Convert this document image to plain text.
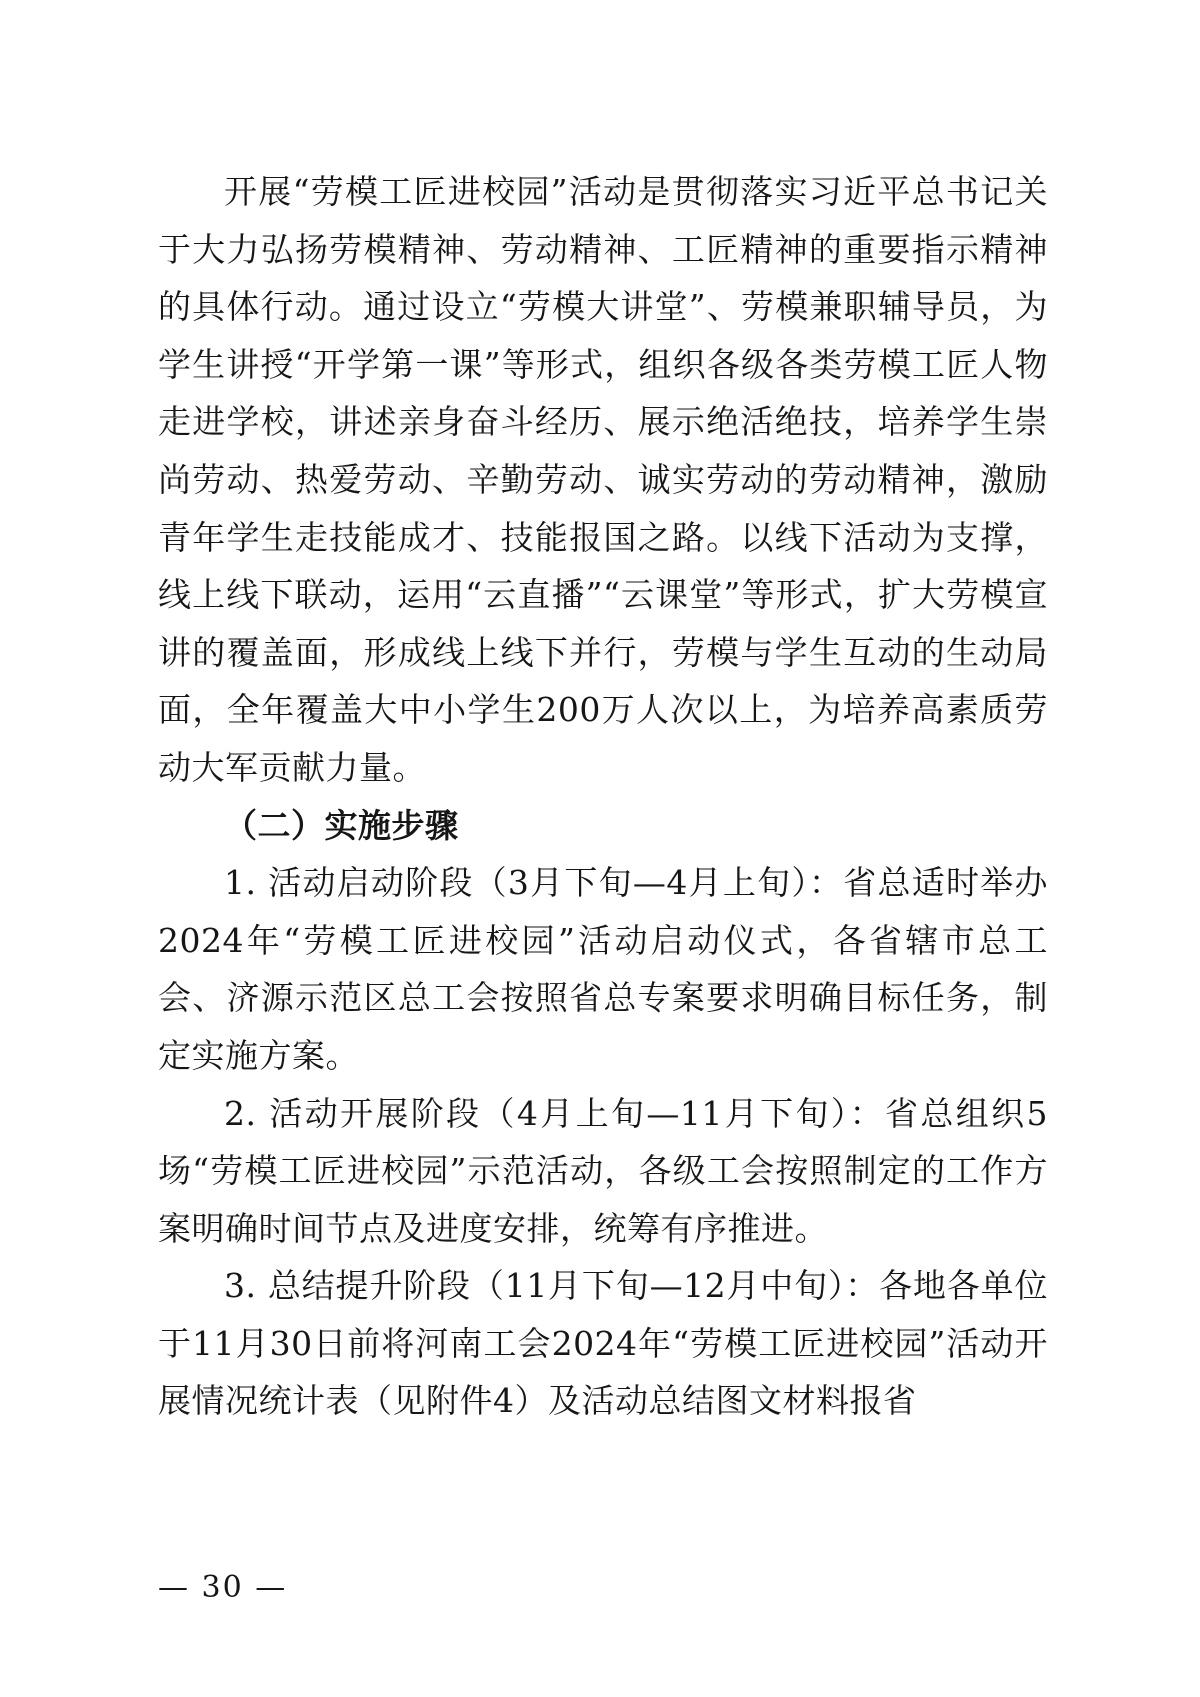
开展“劳模工匠进校园”活动是贯彻落实习近平总书记关于大力弘扬劳模精神、劳动精神、工匠精神的重要指示精神的具体行动。通过设立“劳模大讲堂”、劳模兼职辅导员，为学生讲授“开学第一课”等形式，组织各级各类劳模工匠人物走进学校，讲述亲身奋斗经历、展示绝活绝技，培养学生崇尚劳动、热爱劳动、辛勤劳动、诚实劳动的劳动精神，激励青年学生走技能成才、技能报国之路。以线下活动为支撑，线上线下联动，运用“云直播”“云课堂”等形式，扩大劳模宣讲的覆盖面，形成线上线下并行，劳模与学生互动的生动局面，全年覆盖大中小学生200万人次以上，为培养高素质劳动大军贡献力量。

（二）实施步骤

1. 活动启动阶段（3月下旬—4月上旬）：省总适时举办2024年“劳模工匠进校园”活动启动仪式，各省辖市总工会、济源示范区总工会按照省总专案要求明确目标任务，制定实施方案。

2. 活动开展阶段（4月上旬—11月下旬）：省总组织5场“劳模工匠进校园”示范活动，各级工会按照制定的工作方案明确时间节点及进度安排，统筹有序推进。

3. 总结提升阶段（11月下旬—12月中旬）：各地各单位于11月30日前将河南工会2024年“劳模工匠进校园”活动开展情况统计表（见附件4）及活动总结图文材料报省

— 30 —
